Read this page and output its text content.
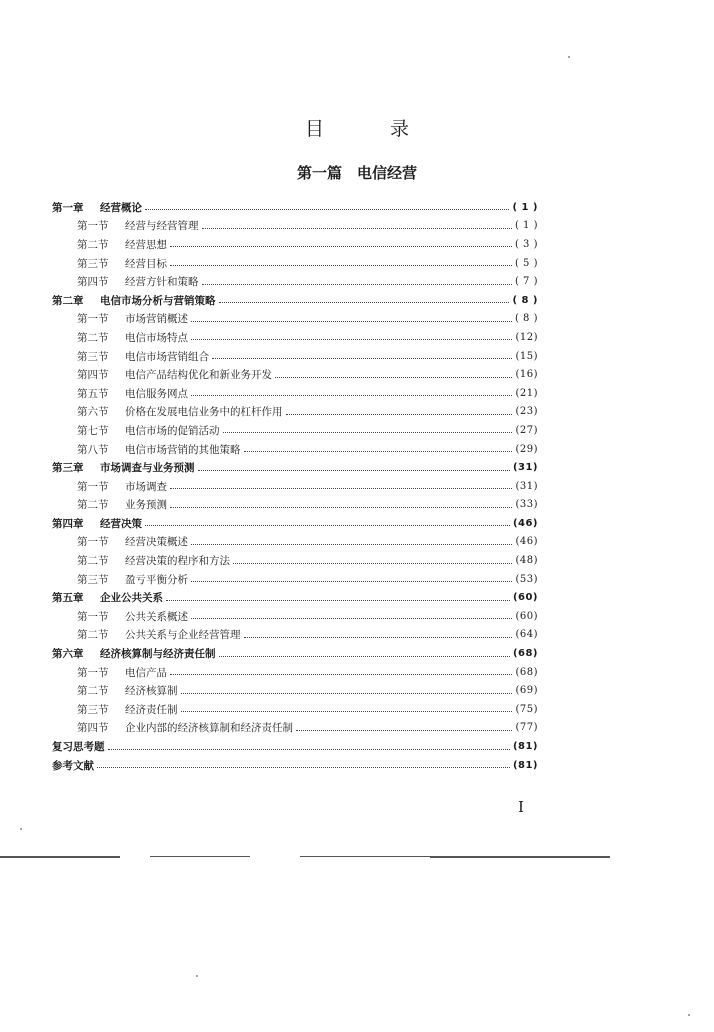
目 录
第一篇　电信经营
第一章	经营概论	( 1 )
第一节	经营与经营管理	( 1 )
第二节	经营思想	( 3 )
第三节	经营目标	( 5 )
第四节	经营方针和策略	( 7 )
第二章	电信市场分析与营销策略	( 8 )
第一节	市场营销概述	( 8 )
第二节	电信市场特点	(12)
第三节	电信市场营销组合	(15)
第四节	电信产品结构优化和新业务开发	(16)
第五节	电信服务网点	(21)
第六节	价格在发展电信业务中的杠杆作用	(23)
第七节	电信市场的促销活动	(27)
第八节	电信市场营销的其他策略	(29)
第三章	市场调查与业务预测	(31)
第一节	市场调查	(31)
第二节	业务预测	(33)
第四章	经营决策	(46)
第一节	经营决策概述	(46)
第二节	经营决策的程序和方法	(48)
第三节	盈亏平衡分析	(53)
第五章	企业公共关系	(60)
第一节	公共关系概述	(60)
第二节	公共关系与企业经营管理	(64)
第六章	经济核算制与经济责任制	(68)
第一节	电信产品	(68)
第二节	经济核算制	(69)
第三节	经济责任制	(75)
第四节	企业内部的经济核算制和经济责任制	(77)
复习思考题	(81)
参考文献	(81)
I
